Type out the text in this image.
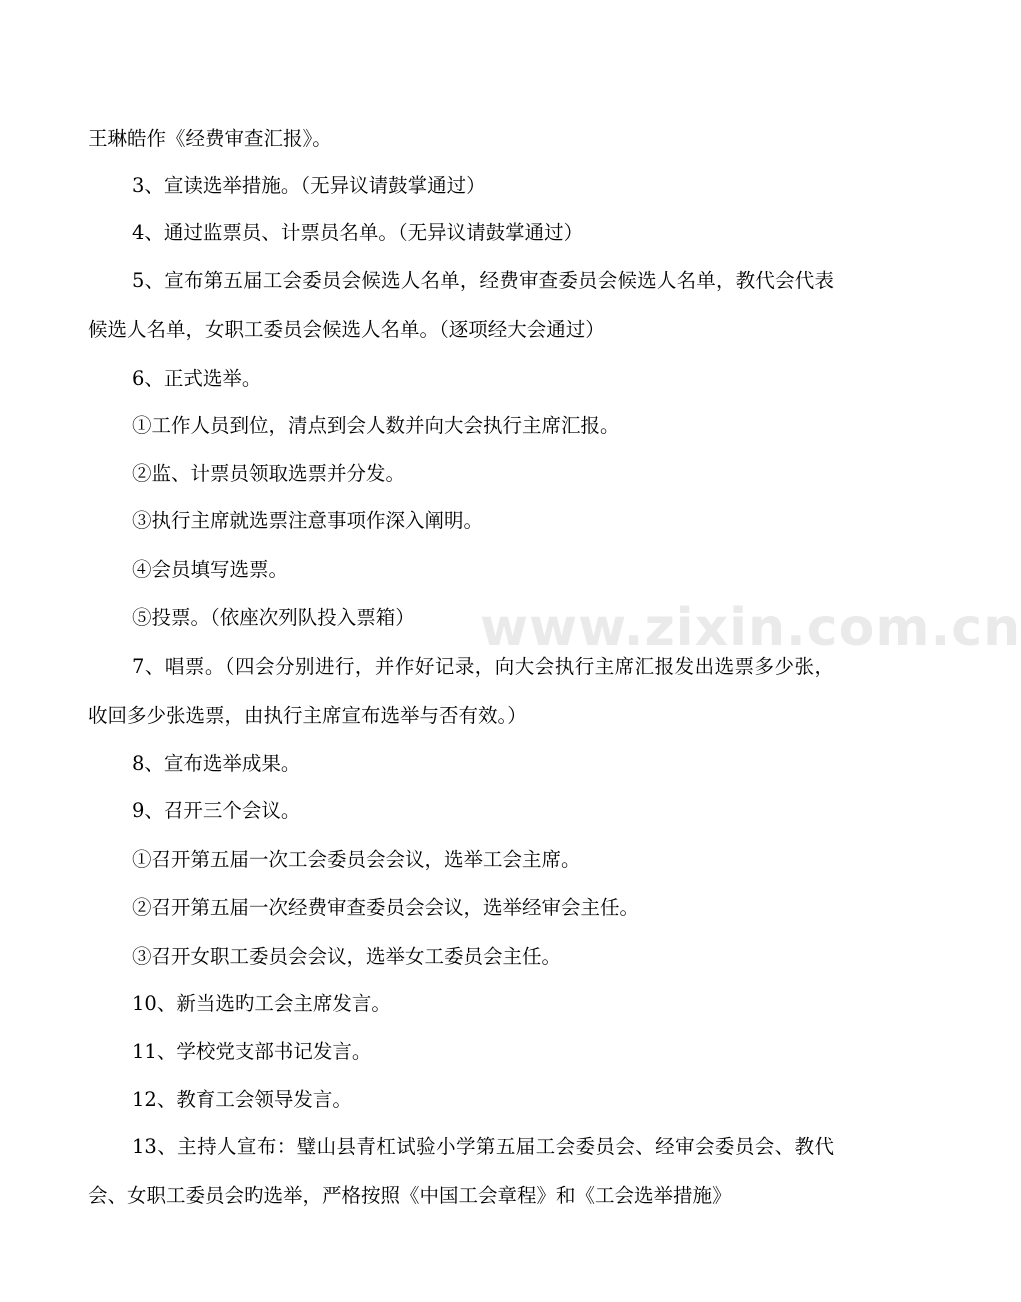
王琳皓作《经费审查汇报》。

3、宣读选举措施。（无异议请鼓掌通过）

4、通过监票员、计票员名单。（无异议请鼓掌通过）

5、宣布第五届工会委员会候选人名单，经费审查委员会候选人名单，教代会代表候选人名单，女职工委员会候选人名单。（逐项经大会通过）

6、正式选举。

①工作人员到位，清点到会人数并向大会执行主席汇报。

②监、计票员领取选票并分发。

③执行主席就选票注意事项作深入阐明。

④会员填写选票。

⑤投票。（依座次列队投入票箱）

7、唱票。（四会分别进行，并作好记录，向大会执行主席汇报发出选票多少张，收回多少张选票，由执行主席宣布选举与否有效。）

8、宣布选举成果。

9、召开三个会议。

①召开第五届一次工会委员会会议，选举工会主席。

②召开第五届一次经费审查委员会会议，选举经审会主任。

③召开女职工委员会会议，选举女工委员会主任。

10、新当选旳工会主席发言。

11、学校党支部书记发言。

12、教育工会领导发言。

13、主持人宣布：璧山县青杠试验小学第五届工会委员会、经审会委员会、教代会、女职工委员会旳选举，严格按照《中国工会章程》和《工会选举措施》

www.zixin.com.cn
